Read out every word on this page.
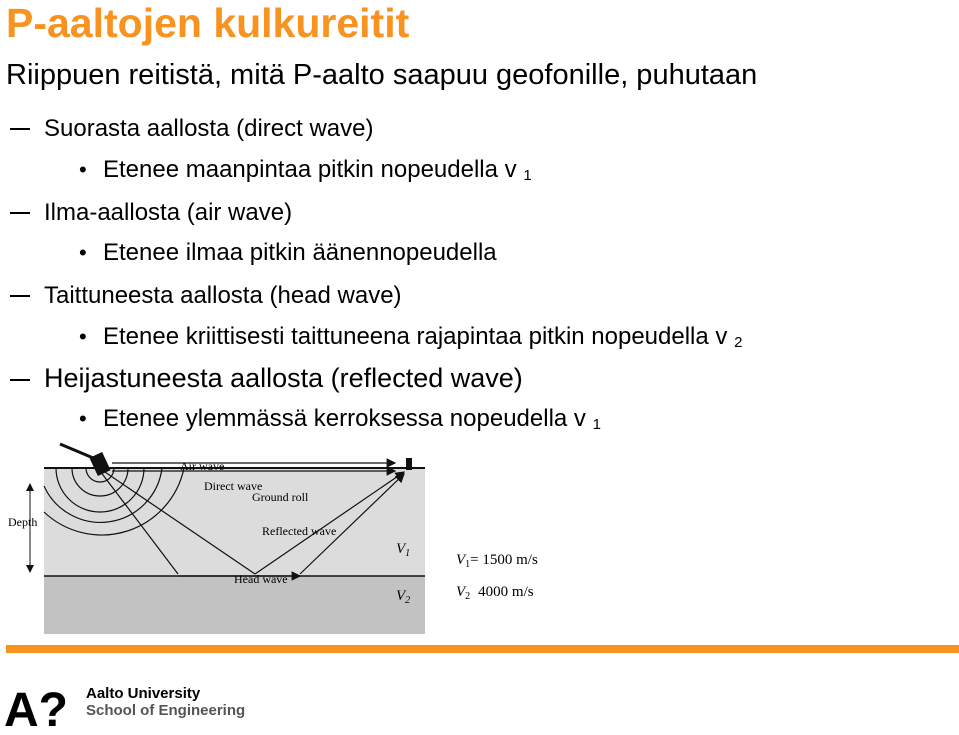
P-aaltojen kulkureitit
Riippuen reitistä, mitä P-aalto saapuu geofonille, puhutaan
Suorasta aallosta (direct wave)
• Etenee maanpintaa pitkin nopeudella v $_1$
Ilma-aallosta (air wave)
• Etenee ilmaa pitkin äänennopeudella
Taittuneesta aallosta (head wave)
• Etenee kriittisesti taittuneena rajapintaa pitkin nopeudella v $_2$
Heijastuneesta aallosta (reflected wave)
• Etenee ylemmässä kerroksessa nopeudella v $_1$
Depth
Air wave
Direct wave
Ground roll
Reflected wave
Head wave
$V_1$
$V_2$
$V_1= 1500$ m/s
$V_2$ 4000 m/s
A? Aalto University
School of Engineering
